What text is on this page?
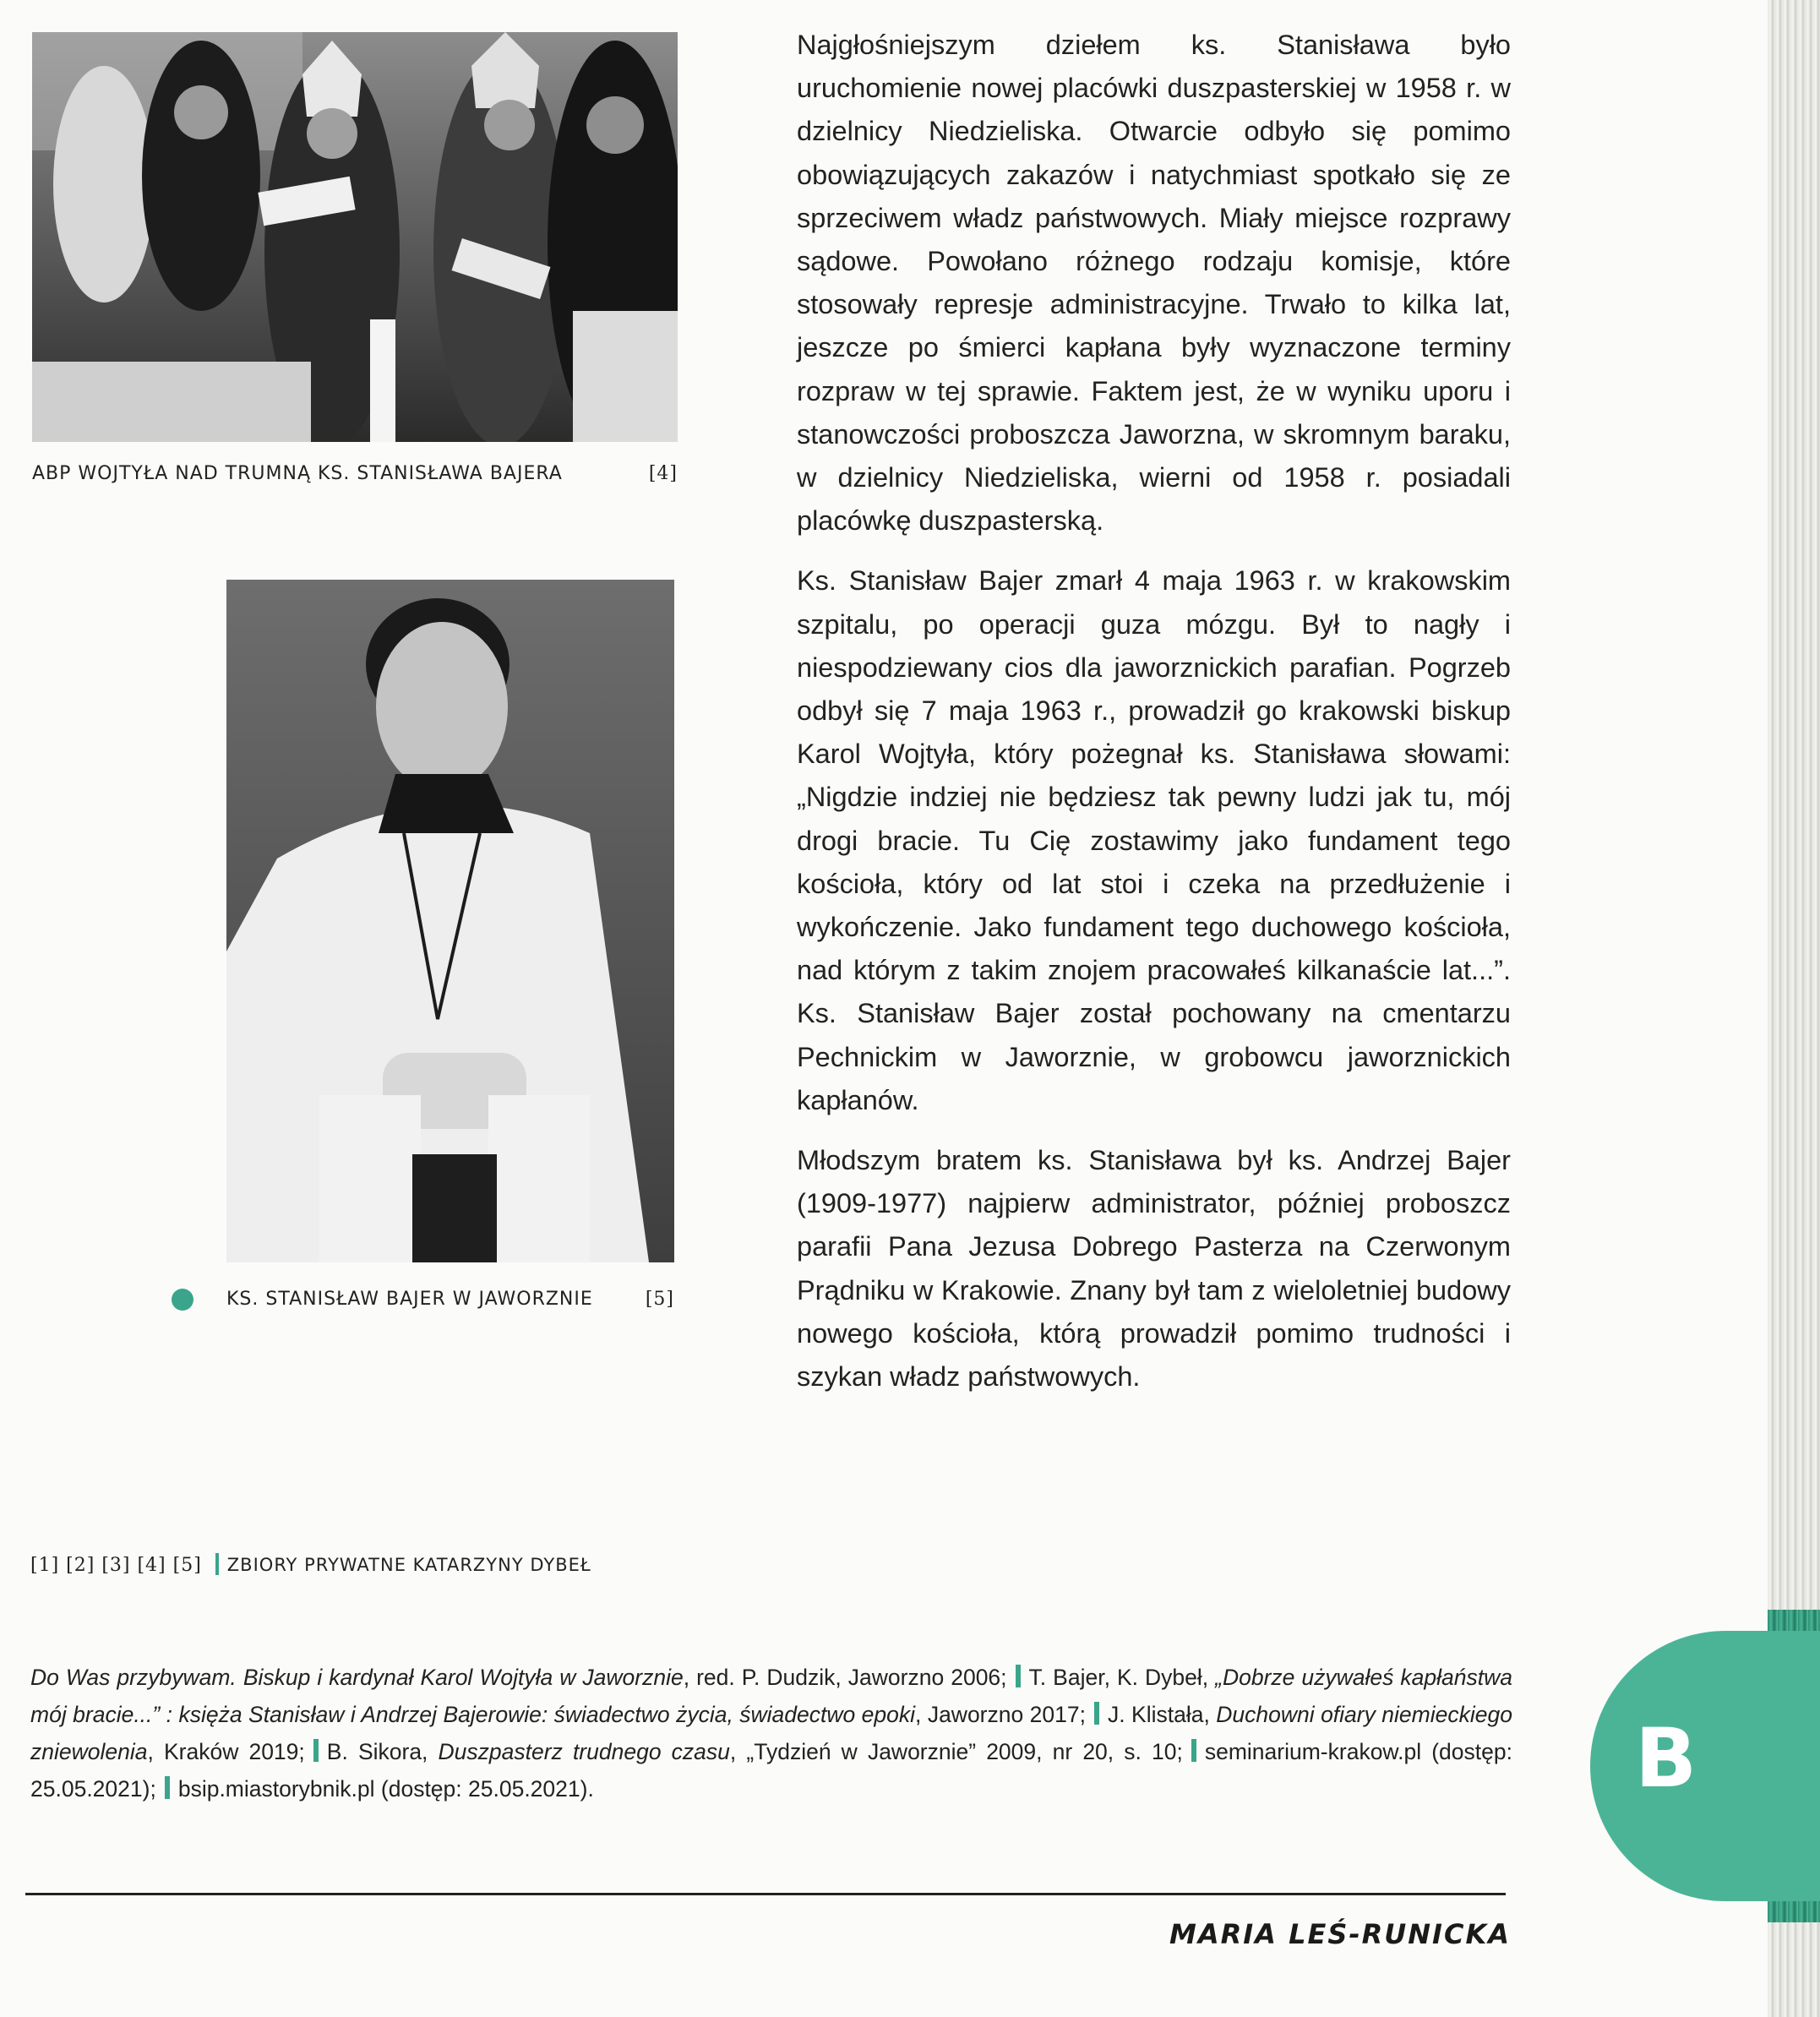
ABP WOJTYŁA NAD TRUMNĄ KS. STANISŁAWA BAJERA	[4]
KS. STANISŁAW BAJER W JAWORZNIE	[5]

Najgłośniejszym dziełem ks. Stanisława było uruchomienie nowej placówki duszpasterskiej w 1958 r. w dzielnicy Niedzieliska. Otwarcie odbyło się pomimo obowiązujących zakazów i natychmiast spotkało się ze sprzeciwem władz państwowych. Miały miejsce rozprawy sądowe. Powołano różnego rodzaju komisje, które stosowały represje administracyjne. Trwało to kilka lat, jeszcze po śmierci kapłana były wyznaczone terminy rozpraw w tej sprawie. Faktem jest, że w wyniku uporu i stanowczości proboszcza Jaworzna, w skromnym baraku, w dzielnicy Niedzieliska, wierni od 1958 r. posiadali placówkę duszpasterską.

Ks. Stanisław Bajer zmarł 4 maja 1963 r. w krakowskim szpitalu, po operacji guza mózgu. Był to nagły i niespodziewany cios dla jaworznickich parafian. Pogrzeb odbył się 7 maja 1963 r., prowadził go krakowski biskup Karol Wojtyła, który pożegnał ks. Stanisława słowami: „Nigdzie indziej nie będziesz tak pewny ludzi jak tu, mój drogi bracie. Tu Cię zostawimy jako fundament tego kościoła, który od lat stoi i czeka na przedłużenie i wykończenie. Jako fundament tego duchowego kościoła, nad którym z takim znojem pracowałeś kilkanaście lat...”. Ks. Stanisław Bajer został pochowany na cmentarzu Pechnickim w Jaworznie, w grobowcu jaworznickich kapłanów.

Młodszym bratem ks. Stanisława był ks. Andrzej Bajer (1909-1977) najpierw administrator, później proboszcz parafii Pana Jezusa Dobrego Pasterza na Czerwonym Prądniku w Krakowie. Znany był tam z wieloletniej budowy nowego kościoła, którą prowadził pomimo trudności i szykan władz państwowych.

[1] [2] [3] [4] [5] ZBIORY PRYWATNE KATARZYNY DYBEŁ
Do Was przybywam. Biskup i kardynał Karol Wojtyła w Jaworznie, red. P. Dudzik, Jaworzno 2006; T. Bajer, K. Dybeł, „Dobrze używałeś kapłaństwa mój bracie...” : księża Stanisław i Andrzej Bajerowie: świadectwo życia, świadectwo epoki, Jaworzno 2017; J. Klistała, Duchowni ofiary niemieckiego zniewolenia, Kraków 2019; B. Sikora, Duszpasterz trudnego czasu, „Tydzień w Jaworznie” 2009, nr 20, s. 10; seminarium-krakow.pl (dostęp: 25.05.2021); bsip.miastorybnik.pl (dostęp: 25.05.2021).
MARIA LEŚ-RUNICKA
B
